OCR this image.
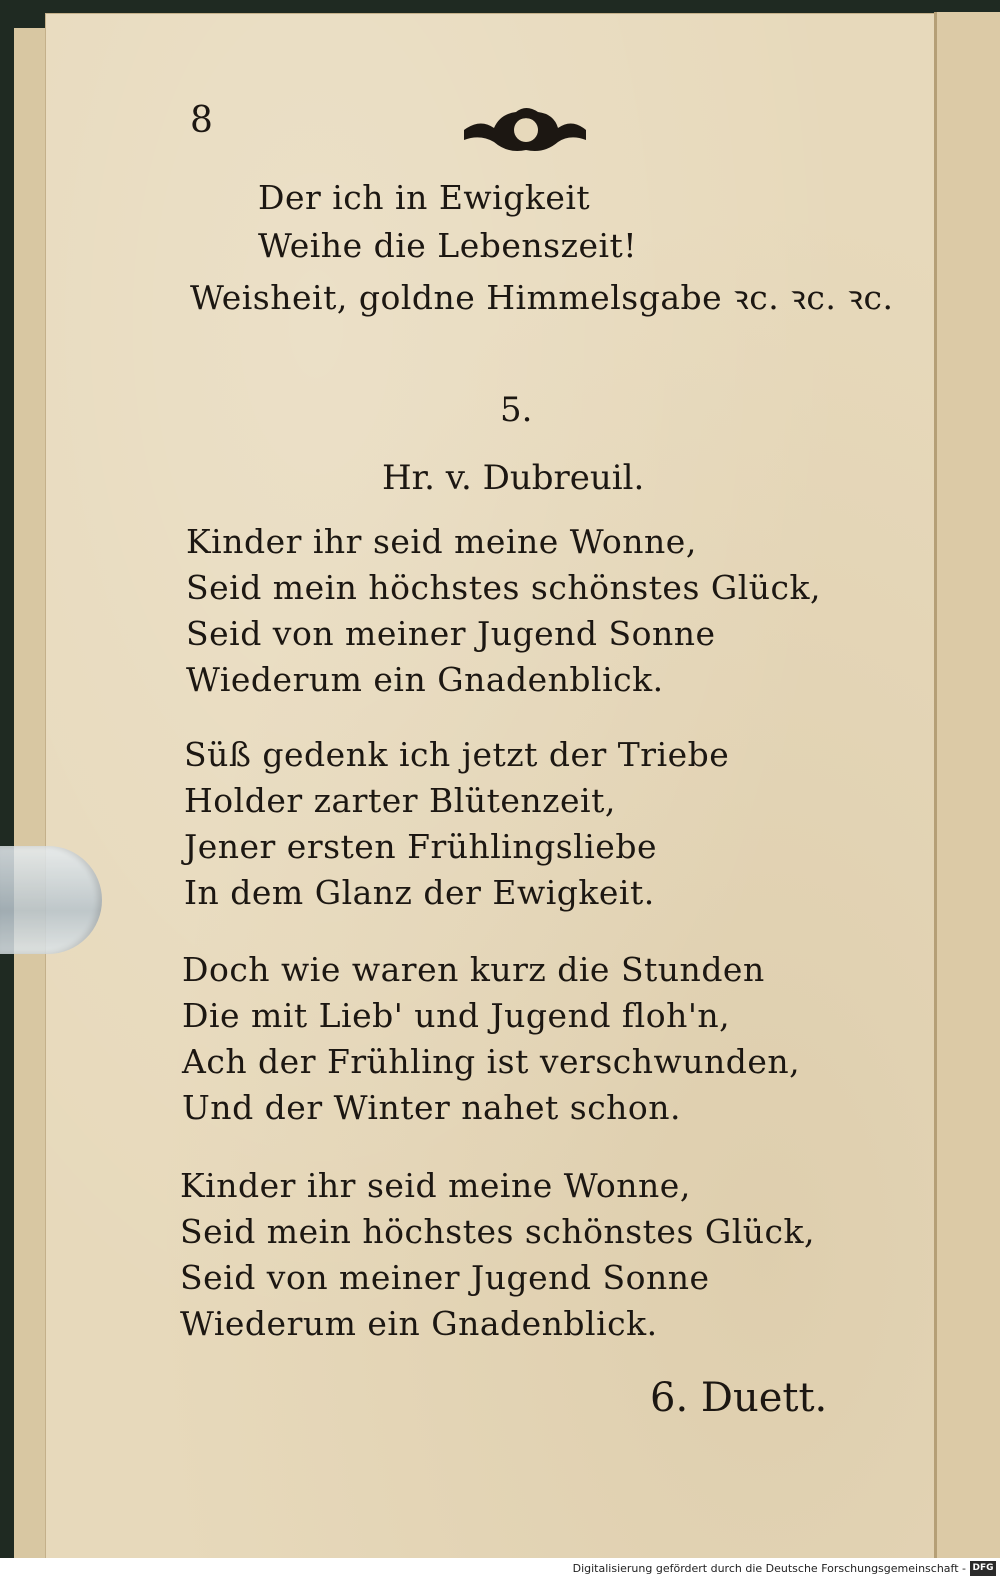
8
Der ich in Ewigkeit
Weihe die Lebenszeit!
Weisheit, goldne Himmelsgabe ꝛc. ꝛc. ꝛc.
5.
Hr. v. Dubreuil.
Kinder ihr seid meine Wonne,
Seid mein höchstes schönstes Glück,
Seid von meiner Jugend Sonne
Wiederum ein Gnadenblick.
Süß gedenk ich jetzt der Triebe
Holder zarter Blütenzeit,
Jener ersten Frühlingsliebe
In dem Glanz der Ewigkeit.
Doch wie waren kurz die Stunden
Die mit Lieb' und Jugend floh'n,
Ach der Frühling ist verschwunden,
Und der Winter nahet schon.
Kinder ihr seid meine Wonne,
Seid mein höchstes schönstes Glück,
Seid von meiner Jugend Sonne
Wiederum ein Gnadenblick.
6. Duett.
Digitalisierung gefördert durch die Deutsche Forschungsgemeinschaft - DFG
